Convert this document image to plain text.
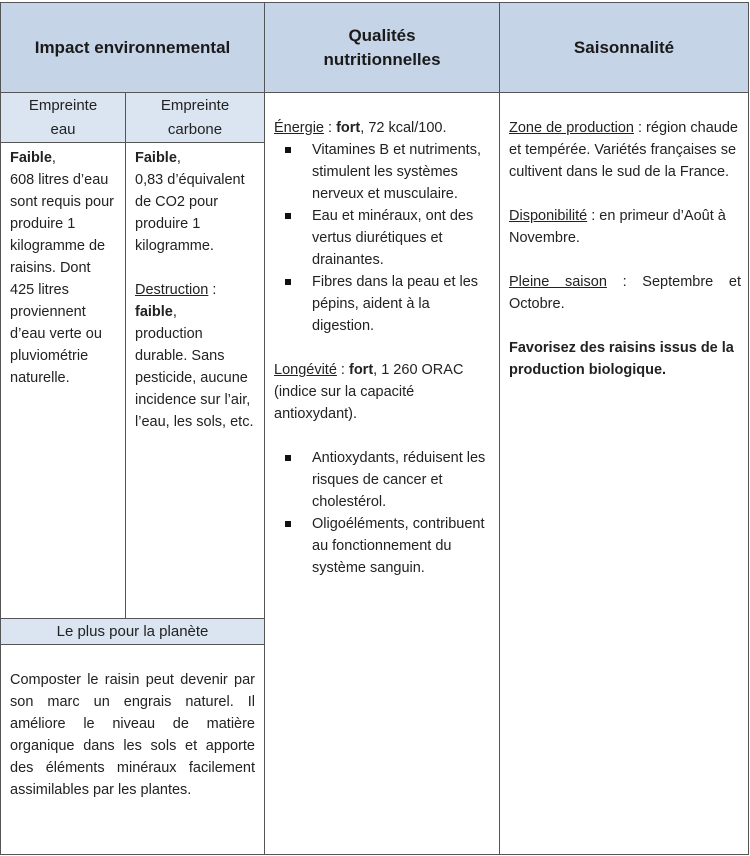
Impact environnemental
Qualités nutritionnelles
Saisonnalité
Empreinte eau
Empreinte carbone

Faible,

608 litres d’eau sont requis pour produire 1 kilogramme de raisins. Dont 425 litres proviennent d’eau verte ou pluviométrie naturelle.

Faible,

0,83 d’équivalent de CO2 pour produire 1 kilogramme.

Destruction :

faible,

production durable. Sans pesticide, aucune incidence sur l’air, l’eau, les sols, etc.

Le plus pour la planète

Composter le raisin peut devenir par son marc un engrais naturel. Il améliore le niveau de matière organique dans les sols et apporte des éléments minéraux facilement assimilables par les plantes.

Énergie : fort, 72 kcal/100.

Vitamines B et nutriments, stimulent les systèmes nerveux et musculaire.
Eau et minéraux, ont des vertus diurétiques et drainantes.
Fibres dans la peau et les pépins, aident à la digestion.

Longévité : fort, 1 260 ORAC (indice sur la capacité antioxydant).

Antioxydants, réduisent les risques de cancer et cholestérol.
Oligoéléments, contribuent au fonctionnement du système sanguin.

Zone de production : région chaude et tempérée. Variétés françaises se cultivent dans le sud de la France.

Disponibilité : en primeur d’Août à Novembre.

Pleine saison : Septembre et Octobre.

Favorisez des raisins issus de la production biologique.
